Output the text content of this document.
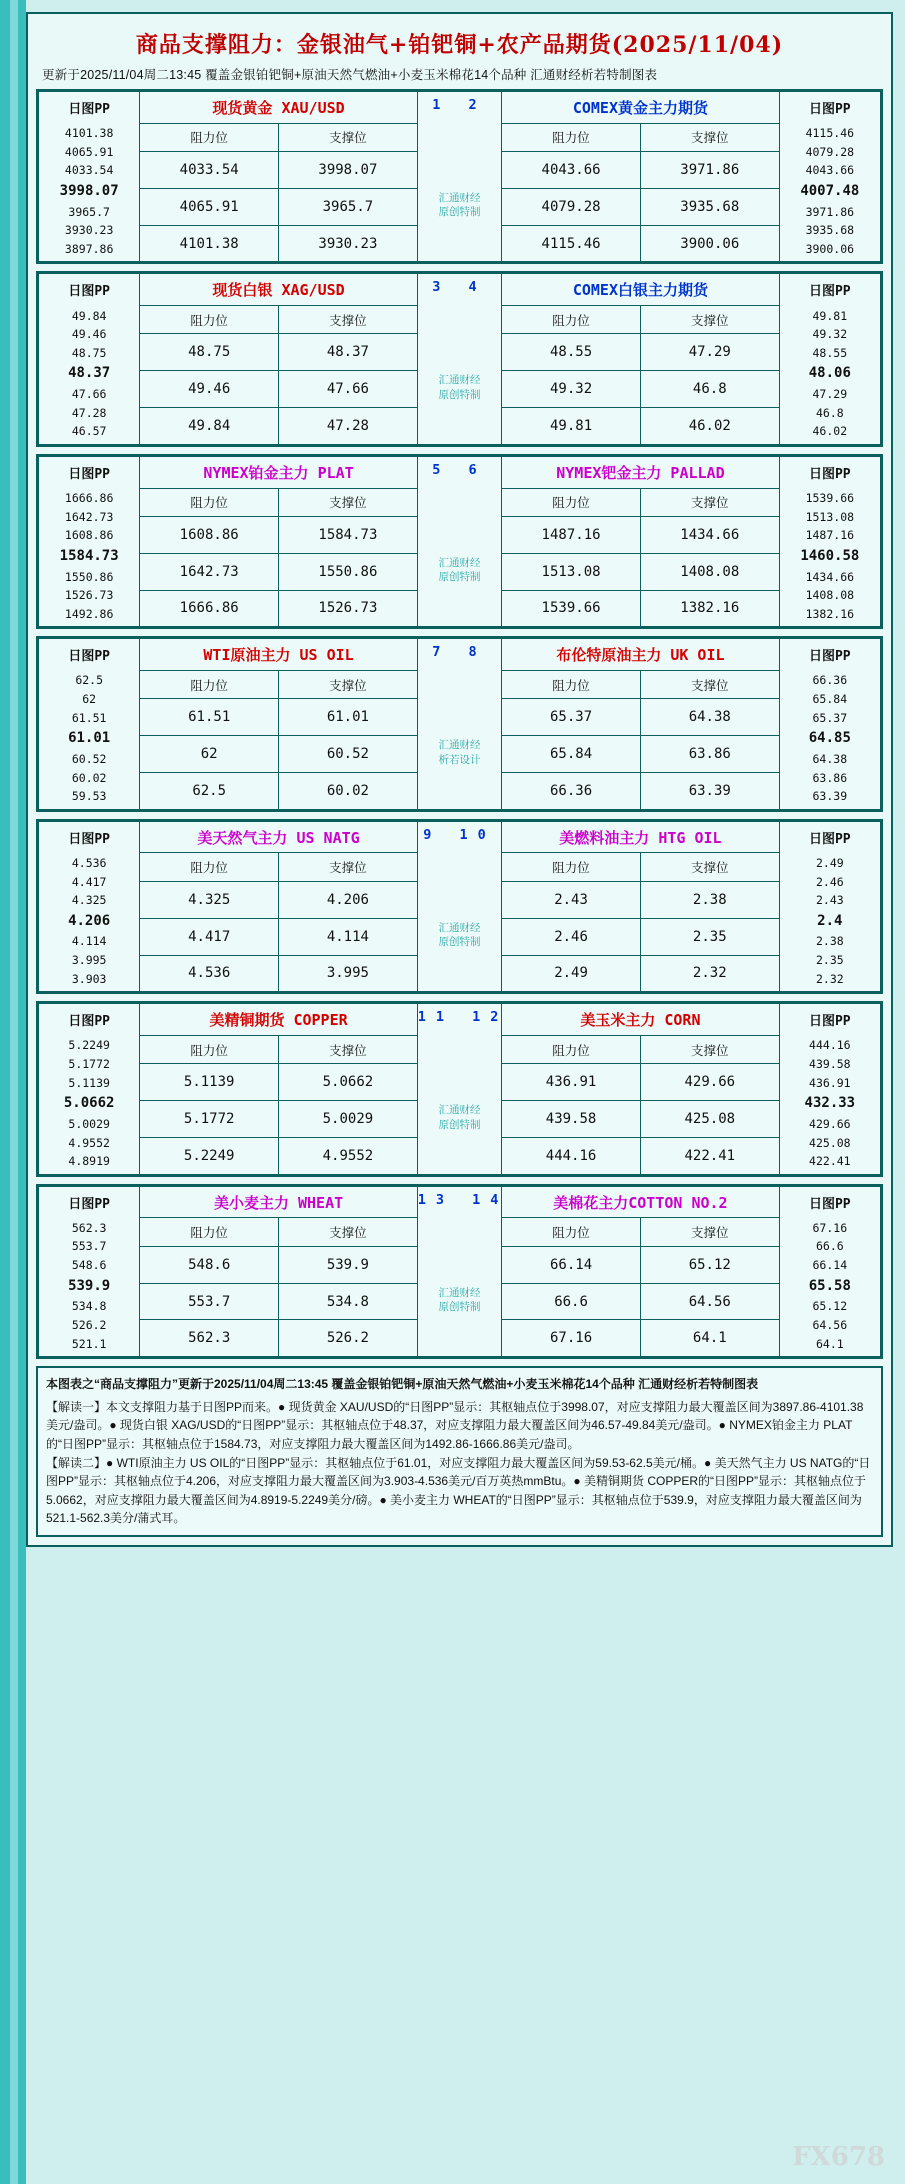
商品支撑阻力：金银油气+铂钯铜+农产品期货(2025/11/04)
更新于2025/11/04周二13:45 覆盖金银铂钯铜+原油天然气燃油+小麦玉米棉花14个品种 汇通财经析若特制图表
日图PP
4101.38
4065.91
4033.54
3998.07
3965.7
3930.23
3897.86
	现货黄金 XAU/USD	1 2
汇通财经
原创特制
	COMEX黄金主力期货	日图PP
4115.46
4079.28
4043.66
4007.48
3971.86
3935.68
3900.06

	阻力位	支撑位		阻力位	支撑位	
	4033.54	3998.07		4043.66	3971.86	
	4065.91	3965.7		4079.28	3935.68	
	4101.38	3930.23		4115.46	3900.06	
日图PP
49.84
49.46
48.75
48.37
47.66
47.28
46.57
	现货白银 XAG/USD	3 4
汇通财经
原创特制
	COMEX白银主力期货	日图PP
49.81
49.32
48.55
48.06
47.29
46.8
46.02

	阻力位	支撑位		阻力位	支撑位	
	48.75	48.37		48.55	47.29	
	49.46	47.66		49.32	46.8	
	49.84	47.28		49.81	46.02	
日图PP
1666.86
1642.73
1608.86
1584.73
1550.86
1526.73
1492.86
	NYMEX铂金主力 PLAT	5 6
汇通财经
原创特制
	NYMEX钯金主力 PALLAD	日图PP
1539.66
1513.08
1487.16
1460.58
1434.66
1408.08
1382.16

	阻力位	支撑位		阻力位	支撑位	
	1608.86	1584.73		1487.16	1434.66	
	1642.73	1550.86		1513.08	1408.08	
	1666.86	1526.73		1539.66	1382.16	
日图PP
62.5
62
61.51
61.01
60.52
60.02
59.53
	WTI原油主力 US OIL	7 8
汇通财经
析若设计
	布伦特原油主力 UK OIL	日图PP
66.36
65.84
65.37
64.85
64.38
63.86
63.39

	阻力位	支撑位		阻力位	支撑位	
	61.51	61.01		65.37	64.38	
	62	60.52		65.84	63.86	
	62.5	60.02		66.36	63.39	
日图PP
4.536
4.417
4.325
4.206
4.114
3.995
3.903
	美天然气主力 US NATG	9 10
汇通财经
原创特制
	美燃料油主力 HTG OIL	日图PP
2.49
2.46
2.43
2.4
2.38
2.35
2.32

	阻力位	支撑位		阻力位	支撑位	
	4.325	4.206		2.43	2.38	
	4.417	4.114		2.46	2.35	
	4.536	3.995		2.49	2.32	
日图PP
5.2249
5.1772
5.1139
5.0662
5.0029
4.9552
4.8919
	美精铜期货 COPPER	11 12
汇通财经
原创特制
	美玉米主力 CORN	日图PP
444.16
439.58
436.91
432.33
429.66
425.08
422.41

	阻力位	支撑位		阻力位	支撑位	
	5.1139	5.0662		436.91	429.66	
	5.1772	5.0029		439.58	425.08	
	5.2249	4.9552		444.16	422.41	
日图PP
562.3
553.7
548.6
539.9
534.8
526.2
521.1
	美小麦主力 WHEAT	13 14
汇通财经
原创特制
	美棉花主力COTTON NO.2	日图PP
67.16
66.6
66.14
65.58
65.12
64.56
64.1

	阻力位	支撑位		阻力位	支撑位	
	548.6	539.9		66.14	65.12	
	553.7	534.8		66.6	64.56	
	562.3	526.2		67.16	64.1	
本图表之“商品支撑阻力”更新于2025/11/04周二13:45 覆盖金银铂钯铜+原油天然气燃油+小麦玉米棉花14个品种 汇通财经析若特制图表
【解读一】本文支撑阻力基于日图PP而来。● 现货黄金 XAU/USD的“日图PP”显示：其枢轴点位于3998.07，对应支撑阻力最大覆盖区间为3897.86-4101.38美元/盎司。● 现货白银 XAG/USD的“日图PP”显示：其枢轴点位于48.37，对应支撑阻力最大覆盖区间为46.57-49.84美元/盎司。● NYMEX铂金主力 PLAT的“日图PP”显示：其枢轴点位于1584.73，对应支撑阻力最大覆盖区间为1492.86-1666.86美元/盎司。
【解读二】● WTI原油主力 US OIL的“日图PP”显示：其枢轴点位于61.01，对应支撑阻力最大覆盖区间为59.53-62.5美元/桶。● 美天然气主力 US NATG的“日图PP”显示：其枢轴点位于4.206，对应支撑阻力最大覆盖区间为3.903-4.536美元/百万英热mmBtu。● 美精铜期货 COPPER的“日图PP”显示：其枢轴点位于5.0662，对应支撑阻力最大覆盖区间为4.8919-5.2249美分/磅。● 美小麦主力 WHEAT的“日图PP”显示：其枢轴点位于539.9，对应支撑阻力最大覆盖区间为521.1-562.3美分/蒲式耳。
FX678
